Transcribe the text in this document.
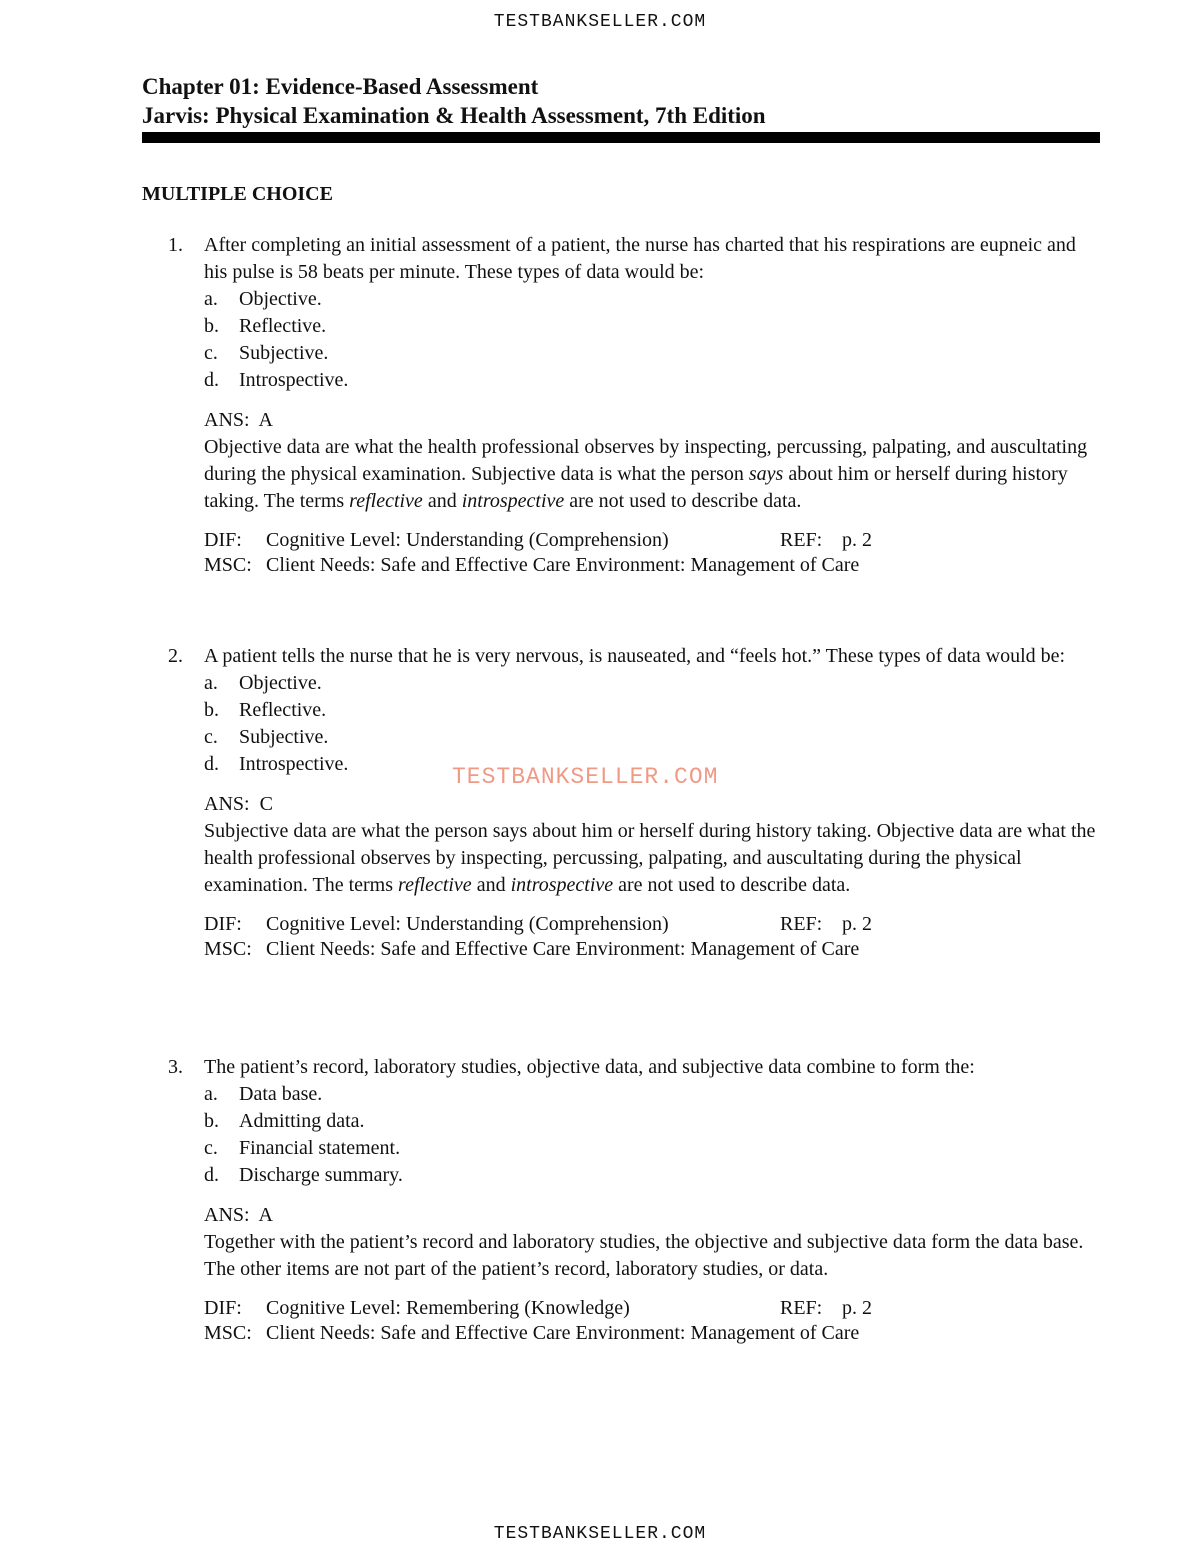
TESTBANKSELLER.COM
Chapter 01: Evidence-Based Assessment
Jarvis: Physical Examination & Health Assessment, 7th Edition
MULTIPLE CHOICE
1. After completing an initial assessment of a patient, the nurse has charted that his respirations are eupneic and his pulse is 58 beats per minute. These types of data would be:

a. Objective.
b. Reflective.
c. Subjective.
d. Introspective.
ANS: A

Objective data are what the health professional observes by inspecting, percussing, palpating, and auscultating during the physical examination. Subjective data is what the person says about him or herself during history taking. The terms reflective and introspective are not used to describe data.

DIF: Cognitive Level: Understanding (Comprehension)	REF: p. 2
MSC: Client Needs: Safe and Effective Care Environment: Management of Care
2. A patient tells the nurse that he is very nervous, is nauseated, and “feels hot.” These types of data would be:

a. Objective.
b. Reflective.
c. Subjective.
d. Introspective.
ANS: C

Subjective data are what the person says about him or herself during history taking. Objective data are what the health professional observes by inspecting, percussing, palpating, and auscultating during the physical examination. The terms reflective and introspective are not used to describe data.

DIF: Cognitive Level: Understanding (Comprehension)	REF: p. 2
MSC: Client Needs: Safe and Effective Care Environment: Management of Care
3. The patient’s record, laboratory studies, objective data, and subjective data combine to form the:

a. Data base.
b. Admitting data.
c. Financial statement.
d. Discharge summary.
ANS: A

Together with the patient’s record and laboratory studies, the objective and subjective data form the data base. The other items are not part of the patient’s record, laboratory studies, or data.

DIF: Cognitive Level: Remembering (Knowledge)	REF: p. 2
MSC: Client Needs: Safe and Effective Care Environment: Management of Care
TESTBANKSELLER.COM
TESTBANKSELLER.COM
